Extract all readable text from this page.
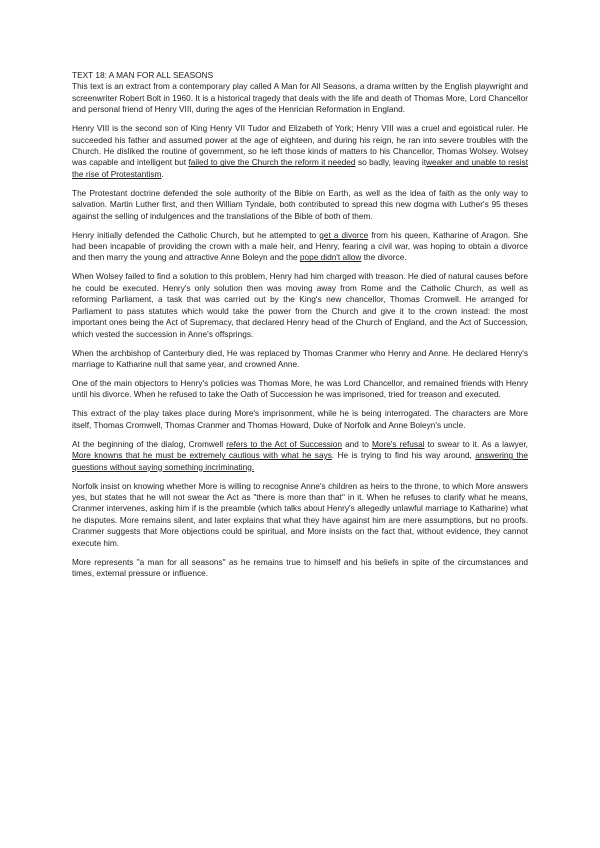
TEXT 18: A MAN FOR ALL SEASONS

This text is an extract from a contemporary play called A Man for All Seasons, a drama written by the English playwright and screenwriter Robert Bolt in 1960. It is a historical tragedy that deals with the life and death of Thomas More, Lord Chancellor and personal friend of Henry VIII, during the ages of the Henrician Reformation in England.

Henry VIII is the second son of King Henry VII Tudor and Elizabeth of York; Henry VIII was a cruel and egoistical ruler. He succeeded his father and assumed power at the age of eighteen, and during his reign, he ran into severe troubles with the Church. He disliked the routine of government, so he left those kinds of matters to his Chancellor, Thomas Wolsey. Wolsey was capable and intelligent but failed to give the Church the reform it needed so badly, leaving itweaker and unable to resist the rise of Protestantism.

The Protestant doctrine defended the sole authority of the Bible on Earth, as well as the idea of faith as the only way to salvation. Martin Luther first, and then William Tyndale, both contributed to spread this new dogma with Luther's 95 theses against the selling of indulgences and the translations of the Bible of both of them.

Henry initially defended the Catholic Church, but he attempted to get a divorce from his queen, Katharine of Aragon. She had been incapable of providing the crown with a male heir, and Henry, fearing a civil war, was hoping to obtain a divorce and then marry the young and attractive Anne Boleyn and the pope didn't allow the divorce.

When Wolsey failed to find a solution to this problem, Henry had him charged with treason. He died of natural causes before he could be executed. Henry's only solution then was moving away from Rome and the Catholic Church, as well as reforming Parliament, a task that was carried out by the King's new chancellor, Thomas Cromwell. He arranged for Parliament to pass statutes which would take the power from the Church and give it to the crown instead: the most important ones being the Act of Supremacy, that declared Henry head of the Church of England, and the Act of Succession, which vested the succession in Anne's offsprings.

When the archbishop of Canterbury died, He was replaced by Thomas Cranmer who Henry and Anne. He declared Henry's marriage to Katharine null that same year, and crowned Anne.

One of the main objectors to Henry's policies was Thomas More, he was Lord Chancellor, and remained friends with Henry until his divorce. When he refused to take the Oath of Succession he was imprisoned, tried for treason and executed.

This extract of the play takes place during More's imprisonment, while he is being interrogated. The characters are More itself, Thomas Cromwell, Thomas Cranmer and Thomas Howard, Duke of Norfolk and Anne Boleyn's uncle.

At the beginning of the dialog, Cromwell refers to the Act of Succession and to More's refusal to swear to it. As a lawyer, More knowns that he must be extremely cautious with what he says. He is trying to find his way around, answering the questions without saying something incriminating.

Norfolk insist on knowing whether More is willing to recognise Anne's children as heirs to the throne, to which More answers yes, but states that he will not swear the Act as "there is more than that" in it. When he refuses to clarify what he means, Cranmer intervenes, asking him if is the preamble (which talks about Henry's allegedly unlawful marriage to Katharine) what he disputes. More remains silent, and later explains that what they have against him are mere assumptions, but no proofs. Cranmer suggests that More objections could be spiritual, and More insists on the fact that, without evidence, they cannot execute him.

More represents "a man for all seasons" as he remains true to himself and his beliefs in spite of the circumstances and times, external pressure or influence.
